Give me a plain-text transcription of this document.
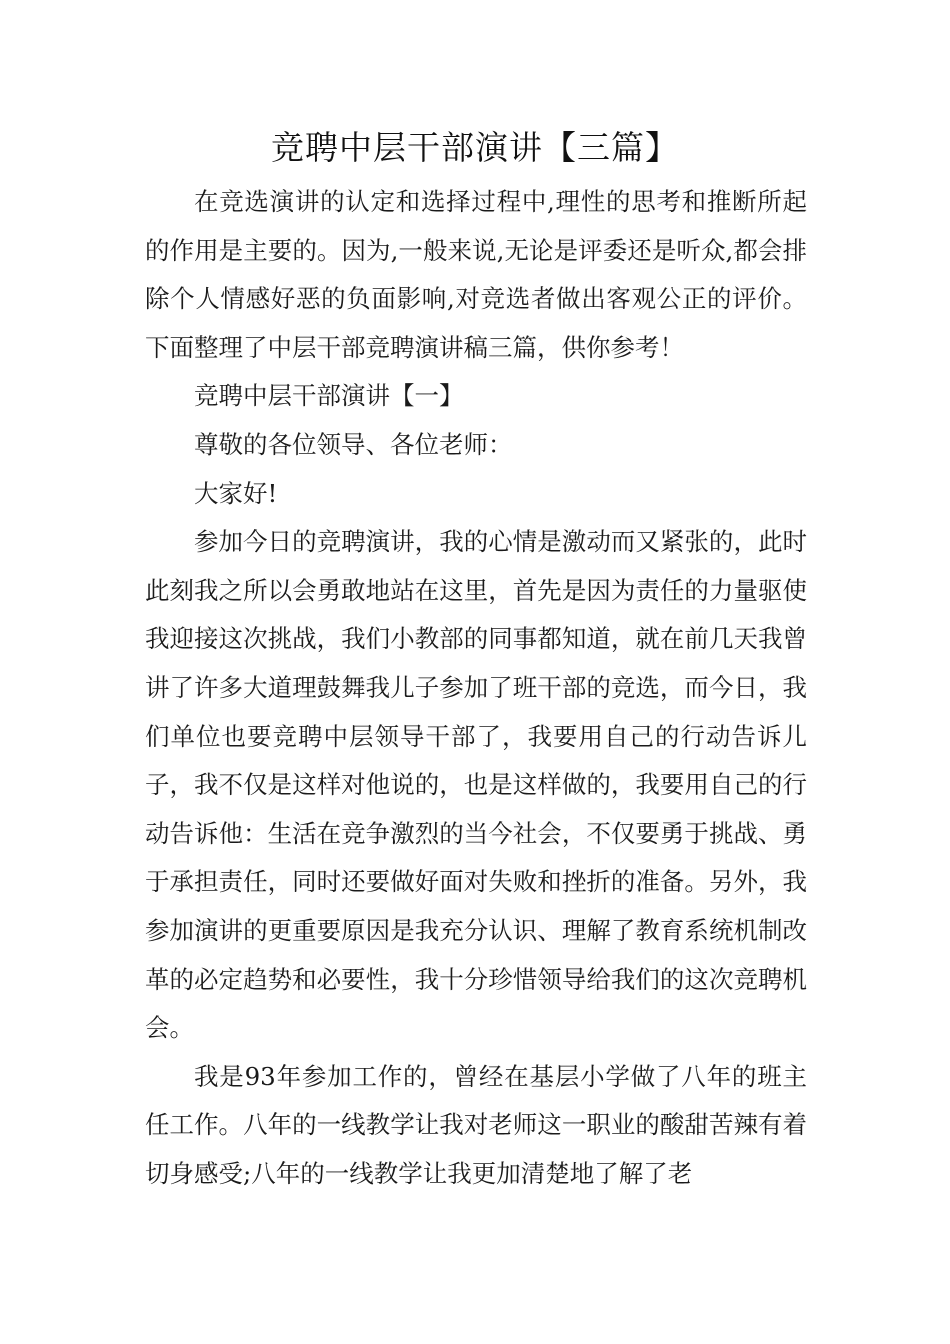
竞聘中层干部演讲【三篇】

在竞选演讲的认定和选择过程中,理性的思考和推断所起的作用是主要的。因为,一般来说,无论是评委还是听众,都会排除个人情感好恶的负面影响,对竞选者做出客观公正的评价。下面整理了中层干部竞聘演讲稿三篇，供你参考！

竞聘中层干部演讲【一】

尊敬的各位领导、各位老师：

大家好!

参加今日的竞聘演讲，我的心情是激动而又紧张的，此时此刻我之所以会勇敢地站在这里，首先是因为责任的力量驱使我迎接这次挑战，我们小教部的同事都知道，就在前几天我曾讲了许多大道理鼓舞我儿子参加了班干部的竞选，而今日，我们单位也要竞聘中层领导干部了，我要用自己的行动告诉儿子，我不仅是这样对他说的，也是这样做的，我要用自己的行动告诉他：生活在竞争激烈的当今社会，不仅要勇于挑战、勇于承担责任，同时还要做好面对失败和挫折的准备。另外，我参加演讲的更重要原因是我充分认识、理解了教育系统机制改革的必定趋势和必要性，我十分珍惜领导给我们的这次竞聘机会。

我是93年参加工作的，曾经在基层小学做了八年的班主任工作。八年的一线教学让我对老师这一职业的酸甜苦辣有着切身感受;八年的一线教学让我更加清楚地了解了老
